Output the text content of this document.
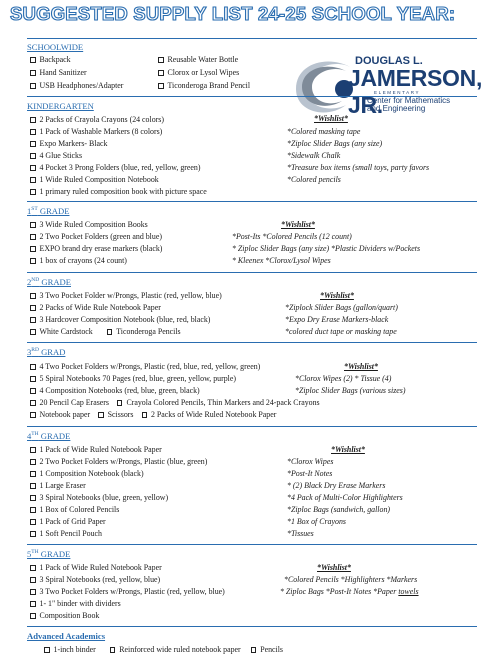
SUGGESTED SUPPLY LIST 24-25 SCHOOL YEAR:
DOUGLAS L.
JAMERSON, JR.
ELEMENTARY
Center for Mathematics
and Engineering
SCHOOLWIDE
Backpack
Hand Sanitizer
USB Headphones/Adapter
Reusable Water Bottle
Clorox or Lysol Wipes
Ticonderoga Brand Pencil
KINDERGARTEN
2 Packs of Crayola Crayons (24 colors)
1 Pack of Washable Markers (8 colors)
Expo Markers- Black
4 Glue Sticks
4 Pocket 3 Prong Folders (blue, red, yellow, green)
1 Wide Ruled Composition Notebook
1 primary ruled composition book with picture space
*Wishlist*
*Colored masking tape
*Ziploc Slider Bags (any size)
*Sidewalk Chalk
*Treasure box items (small toys, party favors
*Colored pencils
1ST GRADE
3 Wide Ruled Composition Books
2 Two Pocket Folders (green and blue)
EXPO brand dry erase markers (black)
1 box of crayons (24 count)
*Wishlist*
*Post-Its *Colored Pencils (12 count)
* Ziploc Slider Bags (any size) *Plastic Dividers w/Pockets
* Kleenex *Clorox/Lysol Wipes
2ND GRADE
3 Two Pocket Folder w/Prongs, Plastic (red, yellow, blue)
2 Packs of Wide Rule Notebook Paper
3 Hardcover Composition Notebook (blue, red, black)
White Cardstock	Ticonderoga Pencils
*Wishlist*
*Ziplock Slider Bags (gallon/quart)
*Expo Dry Erase Markers-black
*colored duct tape or masking tape
3RD GRAD
4 Two Pocket Folders w/Prongs, Plastic (red, blue, red, yellow, green)
5 Spiral Notebooks 70 Pages (red, blue, green, yellow, purple)
4 Composition Notebooks (red, blue, green, black)
20 Pencil Cap Erasers Crayola Colored Pencils, Thin Markers and 24-pack Crayons
Notebook paper Scissors 2 Packs of Wide Ruled Notebook Paper
*Wishlist*
*Clorox Wipes (2) * Tissue (4)
*Ziploc Slider Bags (various sizes)
4TH GRADE
1 Pack of Wide Ruled Notebook Paper
2 Two Pocket Folders w/Prongs, Plastic (blue, green)
1 Composition Notebook (black)
1 Large Eraser
3 Spiral Notebooks (blue, green, yellow)
1 Box of Colored Pencils
1 Pack of Grid Paper
1 Soft Pencil Pouch
*Wishlist*
*Clorox Wipes
*Post-It Notes
* (2) Black Dry Erase Markers
*4 Pack of Multi-Color Highlighters
*Ziploc Bags (sandwich, gallon)
*1 Box of Crayons
*Tissues
5TH GRADE
1 Pack of Wide Ruled Notebook Paper
3 Spiral Notebooks (red, yellow, blue)
3 Two Pocket Folders w/Prongs, Plastic (red, yellow, blue)
1- 1" binder with dividers
Composition Book
*Wishlist*
*Colored Pencils *Highlighters *Markers
* Ziploc Bags *Post-It Notes *Paper towels
Advanced Academics
1-inch binder	Reinforced wide ruled notebook paper Pencils
